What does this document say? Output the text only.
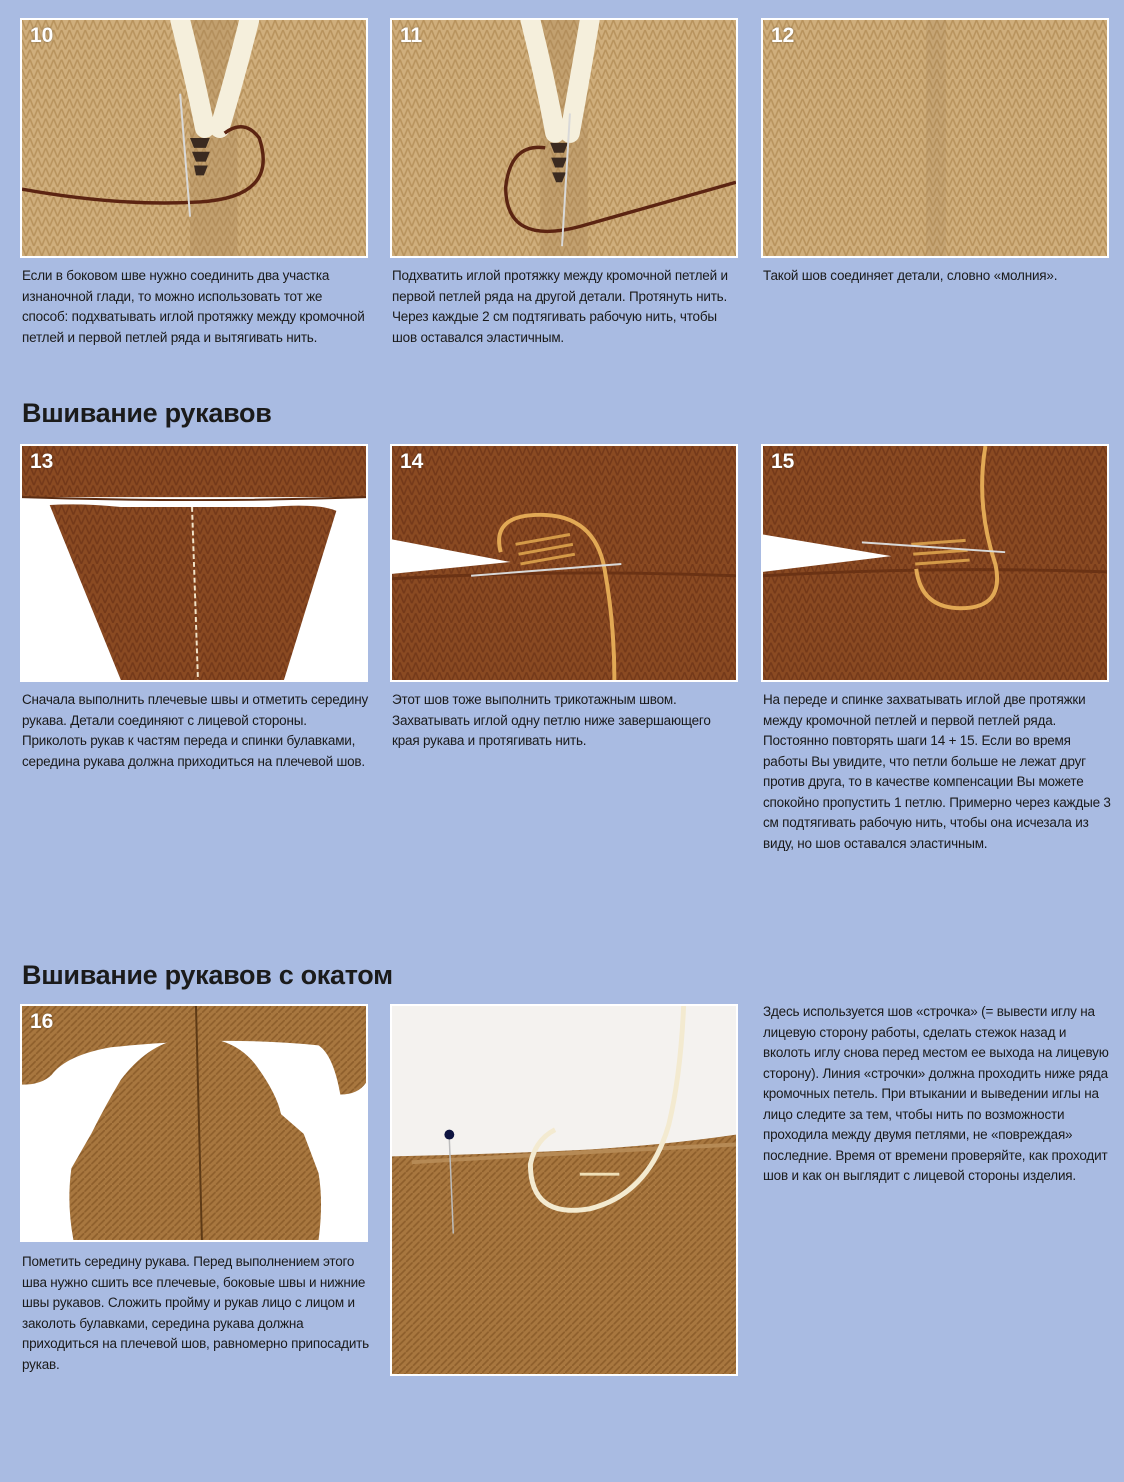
10	11	12
Если в боковом шве нужно соединить два участка изнаночной глади, то можно использовать тот же способ: подхватывать иглой протяжку между кромочной петлей и первой петлей ряда и вытягивать нить.
Подхватить иглой протяжку между кромочной петлей и первой петлей ряда на другой детали. Протянуть нить. Через каждые 2 см подтягивать рабочую нить, чтобы шов оставался эластичным.
Такой шов соединяет детали, словно «молния».
Вшивание рукавов
13	14	15
Сначала выполнить плечевые швы и отметить середину рукава. Детали соединяют с лицевой стороны. Приколоть рукав к частям переда и спинки булавками, середина рукава должна приходиться на плечевой шов.
Этот шов тоже выполнить трикотажным швом. Захватывать иглой одну петлю ниже завершающего края рукава и протягивать нить.
На переде и спинке захватывать иглой две протяжки между кромочной петлей и первой петлей ряда. Постоянно повторять шаги 14 + 15. Если во время работы Вы увидите, что петли больше не лежат друг против друга, то в качестве компенсации Вы можете спокойно пропустить 1 петлю. Примерно через каждые 3 см подтягивать рабочую нить, чтобы она исчезала из виду, но шов оставался эластичным.
Вшивание рукавов с окатом
16
Пометить середину рукава. Перед выполнением этого шва нужно сшить все плечевые, боковые швы и нижние швы рукавов. Сложить пройму и рукав лицо с лицом и заколоть булавками, середина рукава должна приходиться на плечевой шов, равномерно припосадить рукав.
Здесь используется шов «строчка» (= вывести иглу на лицевую сторону работы, сделать стежок назад и вколоть иглу снова перед местом ее выхода на лицевую сторону). Линия «строчки» должна проходить ниже ряда кромочных петель. При втыкании и выведении иглы на лицо следите за тем, чтобы нить по возможности проходила между двумя петлями, не «повреждая» последние. Время от времени проверяйте, как проходит шов и как он выглядит с лицевой стороны изделия.
